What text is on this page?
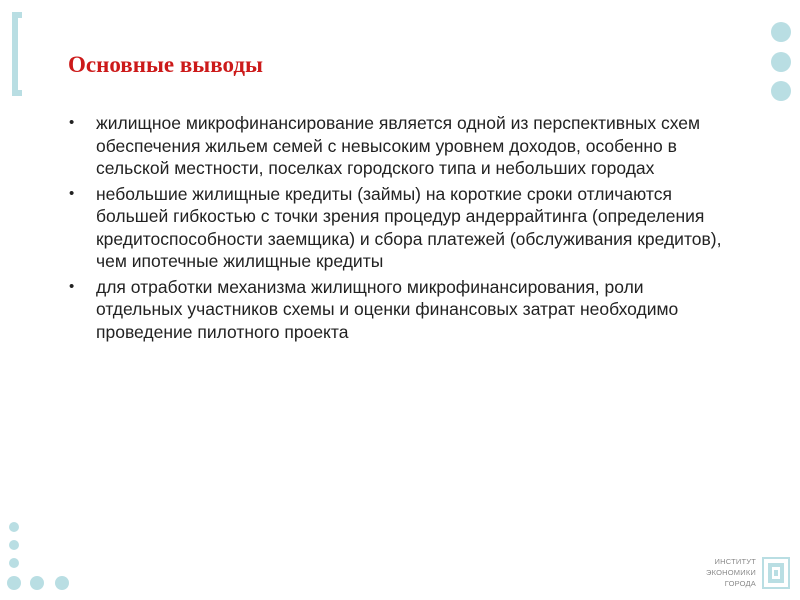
Основные выводы
• жилищное микрофинансирование является одной из перспективных схем обеспечения жильем семей с невысоким уровнем доходов, особенно в сельской местности, поселках городского типа и небольших городах
• небольшие жилищные кредиты (займы) на короткие сроки отличаются большей гибкостью с точки зрения процедур андеррайтинга (определения кредитоспособности заемщика) и сбора платежей (обслуживания кредитов), чем ипотечные жилищные кредиты
• для отработки механизма жилищного микрофинансирования, роли отдельных участников схемы и оценки финансовых затрат необходимо проведение пилотного проекта
ИНСТИТУТ
ЭКОНОМИКИ
ГОРОДА
